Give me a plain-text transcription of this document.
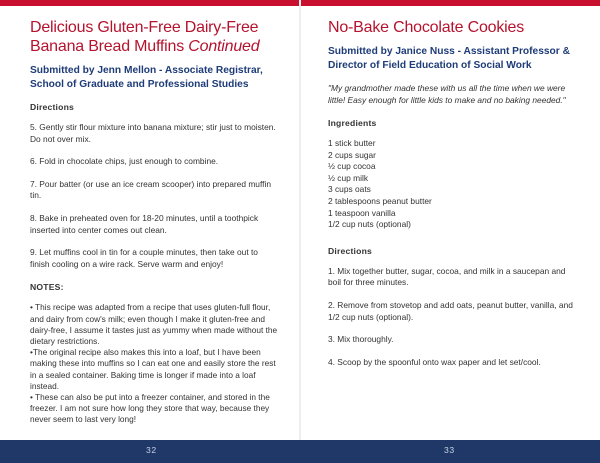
Delicious Gluten-Free Dairy-Free Banana Bread Muffins Continued
Submitted by Jenn Mellon - Associate Registrar, School of Graduate and Professional Studies
Directions
5. Gently stir flour mixture into banana mixture; stir just to moisten. Do not over mix.
6. Fold in chocolate chips, just enough to combine.
7. Pour batter (or use an ice cream scooper) into prepared muffin tin.
8. Bake in preheated oven for 18-20 minutes, until a toothpick inserted into center comes out clean.
9. Let muffins cool in tin for a couple minutes, then take out to finish cooling on a wire rack. Serve warm and enjoy!
NOTES:
• This recipe was adapted from a recipe that uses gluten-full flour, and dairy from cow's milk; even though I make it gluten-free and dairy-free, I assume it tastes just as yummy when made without the dietary restrictions.
•The original recipe also makes this into a loaf, but I have been making these into muffins so I can eat one and easily store the rest in a sealed container. Baking time is longer if made into a loaf instead.
• These can also be put into a freezer container, and stored in the freezer. I am not sure how long they store that way, because they never seem to last very long!
No-Bake Chocolate Cookies
Submitted by Janice Nuss - Assistant Professor & Director of Field Education of Social Work
"My grandmother made these with us all the time when we were little! Easy enough for little kids to make and no baking needed."
Ingredients
1 stick butter
2 cups sugar
½ cup cocoa
½ cup milk
3 cups oats
2 tablespoons peanut butter
1 teaspoon vanilla
1/2 cup nuts (optional)
Directions
1. Mix together butter, sugar, cocoa, and milk in a saucepan and boil for three minutes.
2. Remove from stovetop and add oats, peanut butter, vanilla, and 1/2 cup nuts (optional).
3. Mix thoroughly.
4. Scoop by the spoonful onto wax paper and let set/cool.
32	33
